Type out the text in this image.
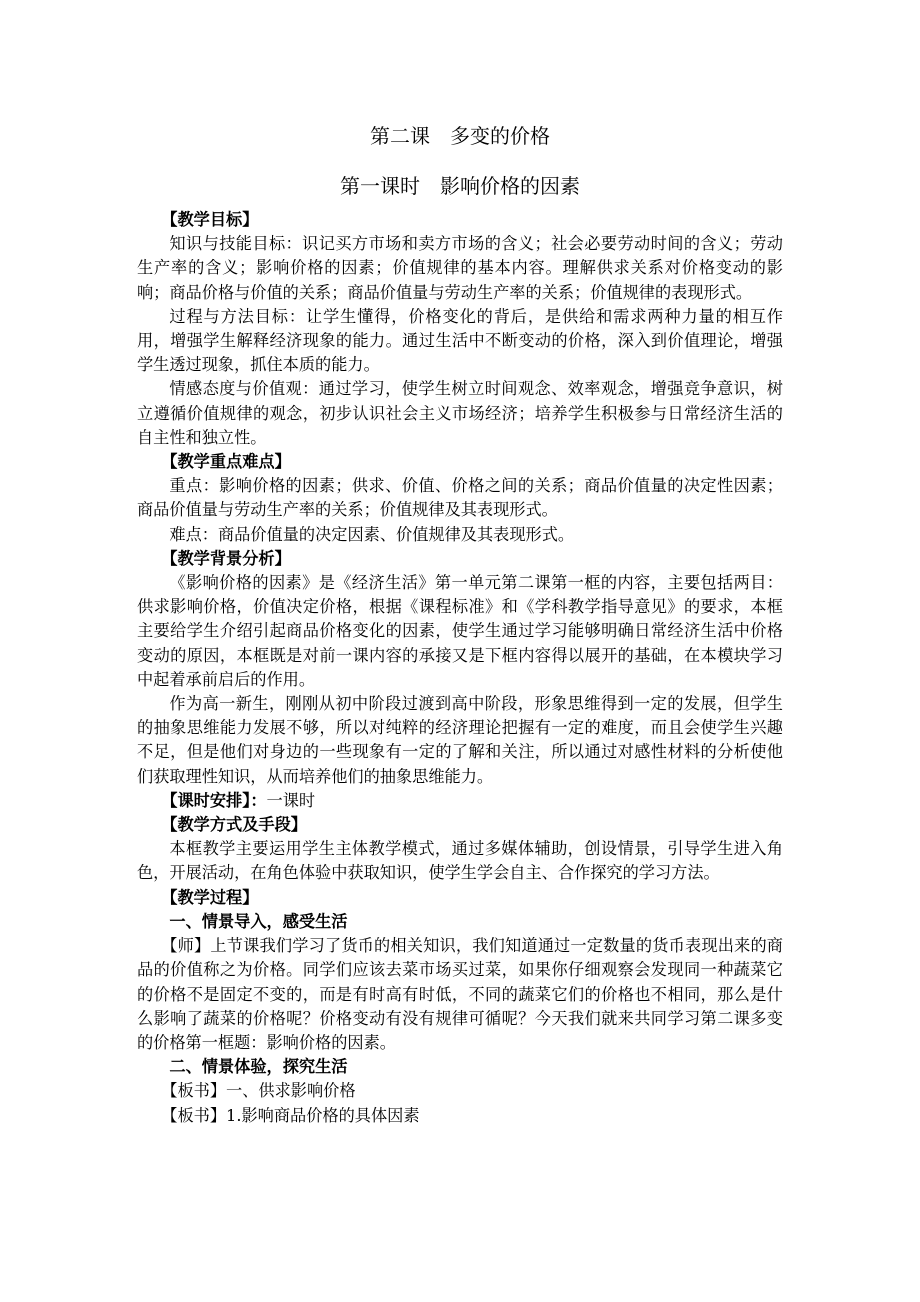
第二课　多变的价格
第一课时　影响价格的因素

【教学目标】

知识与技能目标：识记买方市场和卖方市场的含义；社会必要劳动时间的含义；劳动生产率的含义；影响价格的因素；价值规律的基本内容。理解供求关系对价格变动的影响；商品价格与价值的关系；商品价值量与劳动生产率的关系；价值规律的表现形式。

过程与方法目标：让学生懂得，价格变化的背后，是供给和需求两种力量的相互作用，增强学生解释经济现象的能力。通过生活中不断变动的价格，深入到价值理论，增强学生透过现象，抓住本质的能力。

情感态度与价值观：通过学习，使学生树立时间观念、效率观念，增强竞争意识，树立遵循价值规律的观念，初步认识社会主义市场经济；培养学生积极参与日常经济生活的自主性和独立性。

【教学重点难点】

重点：影响价格的因素；供求、价值、价格之间的关系；商品价值量的决定性因素；商品价值量与劳动生产率的关系；价值规律及其表现形式。

难点：商品价值量的决定因素、价值规律及其表现形式。

【教学背景分析】

《影响价格的因素》是《经济生活》第一单元第二课第一框的内容，主要包括两目：供求影响价格，价值决定价格，根据《课程标准》和《学科教学指导意见》的要求，本框主要给学生介绍引起商品价格变化的因素，使学生通过学习能够明确日常经济生活中价格变动的原因，本框既是对前一课内容的承接又是下框内容得以展开的基础，在本模块学习中起着承前启后的作用。

作为高一新生，刚刚从初中阶段过渡到高中阶段，形象思维得到一定的发展，但学生的抽象思维能力发展不够，所以对纯粹的经济理论把握有一定的难度，而且会使学生兴趣不足，但是他们对身边的一些现象有一定的了解和关注，所以通过对感性材料的分析使他们获取理性知识，从而培养他们的抽象思维能力。

【课时安排】：一课时

【教学方式及手段】

本框教学主要运用学生主体教学模式，通过多媒体辅助，创设情景，引导学生进入角色，开展活动，在角色体验中获取知识，使学生学会自主、合作探究的学习方法。

【教学过程】

一、情景导入，感受生活

【师】上节课我们学习了货币的相关知识，我们知道通过一定数量的货币表现出来的商品的价值称之为价格。同学们应该去菜市场买过菜，如果你仔细观察会发现同一种蔬菜它的价格不是固定不变的，而是有时高有时低，不同的蔬菜它们的价格也不相同，那么是什么影响了蔬菜的价格呢？价格变动有没有规律可循呢？今天我们就来共同学习第二课多变的价格第一框题：影响价格的因素。

二、情景体验，探究生活

【板书】一、供求影响价格

【板书】1.影响商品价格的具体因素
